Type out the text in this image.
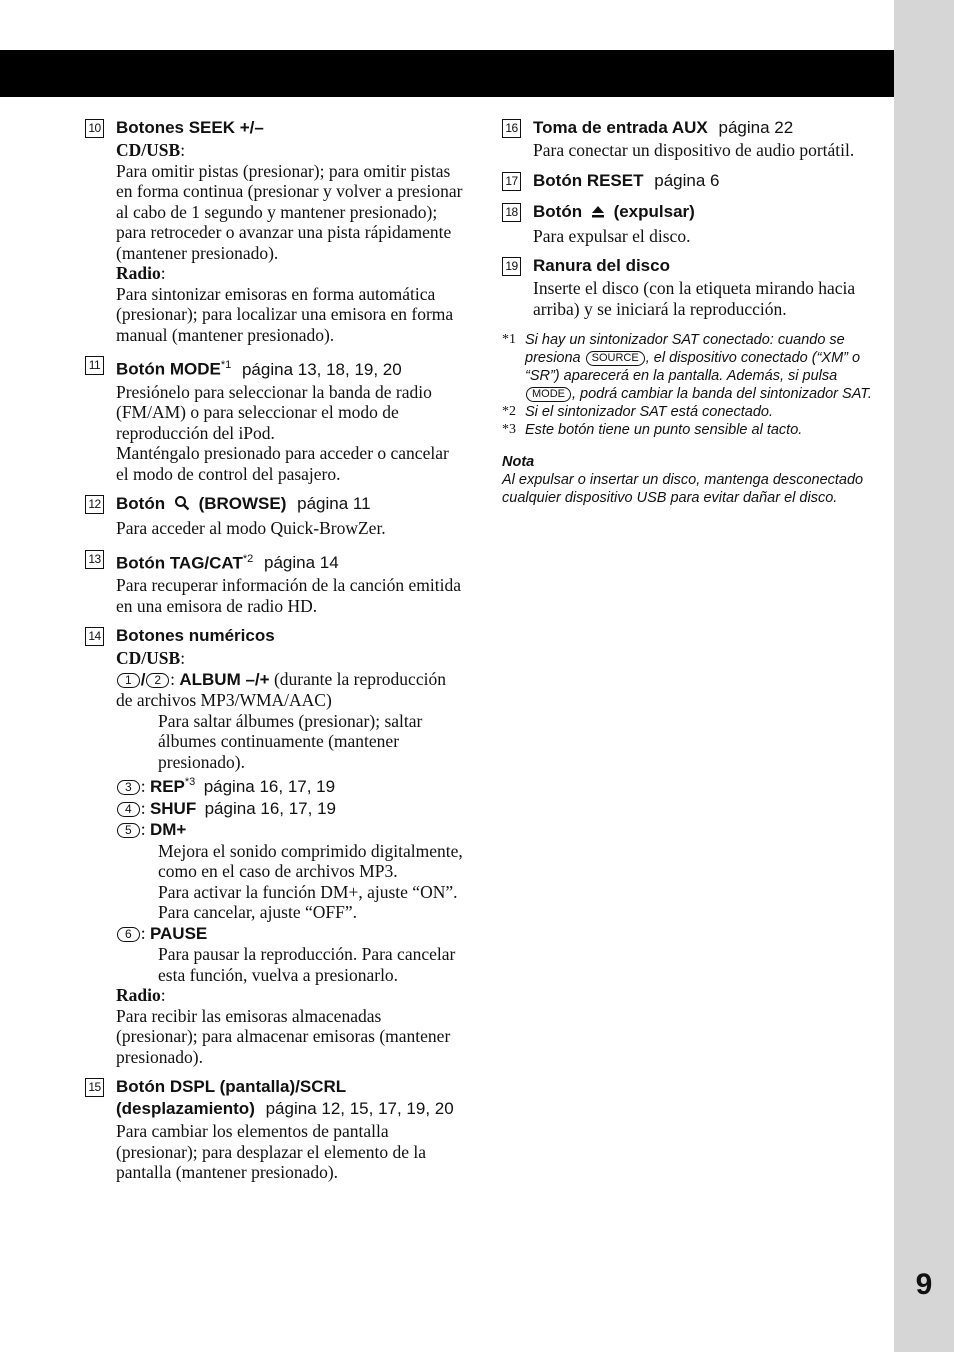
9
10 Botones SEEK +/–
CD/USB:
Para omitir pistas (presionar); para omitir pistas en forma continua (presionar y volver a presionar al cabo de 1 segundo y mantener presionado); para retroceder o avanzar una pista rápidamente (mantener presionado).
Radio:
Para sintonizar emisoras en forma automática (presionar); para localizar una emisora en forma manual (mantener presionado).
11 Botón MODE$^{*1}$ página 13, 18, 19, 20
Presiónelo para seleccionar la banda de radio (FM/AM) o para seleccionar el modo de reproducción del iPod.
Manténgalo presionado para acceder o cancelar el modo de control del pasajero.
12 Botón (BROWSE) página 11
Para acceder al modo Quick-BrowZer.
13 Botón TAG/CAT$^{*2}$ página 14
Para recuperar información de la canción emitida en una emisora de radio HD.
14 Botones numéricos
CD/USB:
1 / 2 : ALBUM –/+ (durante la reproducción de archivos MP3/WMA/AAC)
Para saltar álbumes (presionar); saltar álbumes continuamente (mantener presionado).
3 : REP$^{*3}$ página 16, 17, 19
4 : SHUF página 16, 17, 19
5 : DM+
Mejora el sonido comprimido digitalmente, como en el caso de archivos MP3.
Para activar la función DM+, ajuste “ON”. Para cancelar, ajuste “OFF”.
6 : PAUSE
Para pausar la reproducción. Para cancelar esta función, vuelva a presionarlo.
Radio:
Para recibir las emisoras almacenadas (presionar); para almacenar emisoras (mantener presionado).
15 Botón DSPL (pantalla)/SCRL (desplazamiento) página 12, 15, 17, 19, 20
Para cambiar los elementos de pantalla (presionar); para desplazar el elemento de la pantalla (mantener presionado).
16 Toma de entrada AUX página 22
Para conectar un dispositivo de audio portátil.
17 Botón RESET página 6
18 Botón (expulsar)
Para expulsar el disco.
19 Ranura del disco
Inserte el disco (con la etiqueta mirando hacia arriba) y se iniciará la reproducción.
*1 Si hay un sintonizador SAT conectado: cuando se presiona SOURCE , el dispositivo conectado (“XM” o “SR”) aparecerá en la pantalla. Además, si pulsa MODE , podrá cambiar la banda del sintonizador SAT.
*2 Si el sintonizador SAT está conectado.
*3 Este botón tiene un punto sensible al tacto.
Nota
Al expulsar o insertar un disco, mantenga desconectado cualquier dispositivo USB para evitar dañar el disco.
